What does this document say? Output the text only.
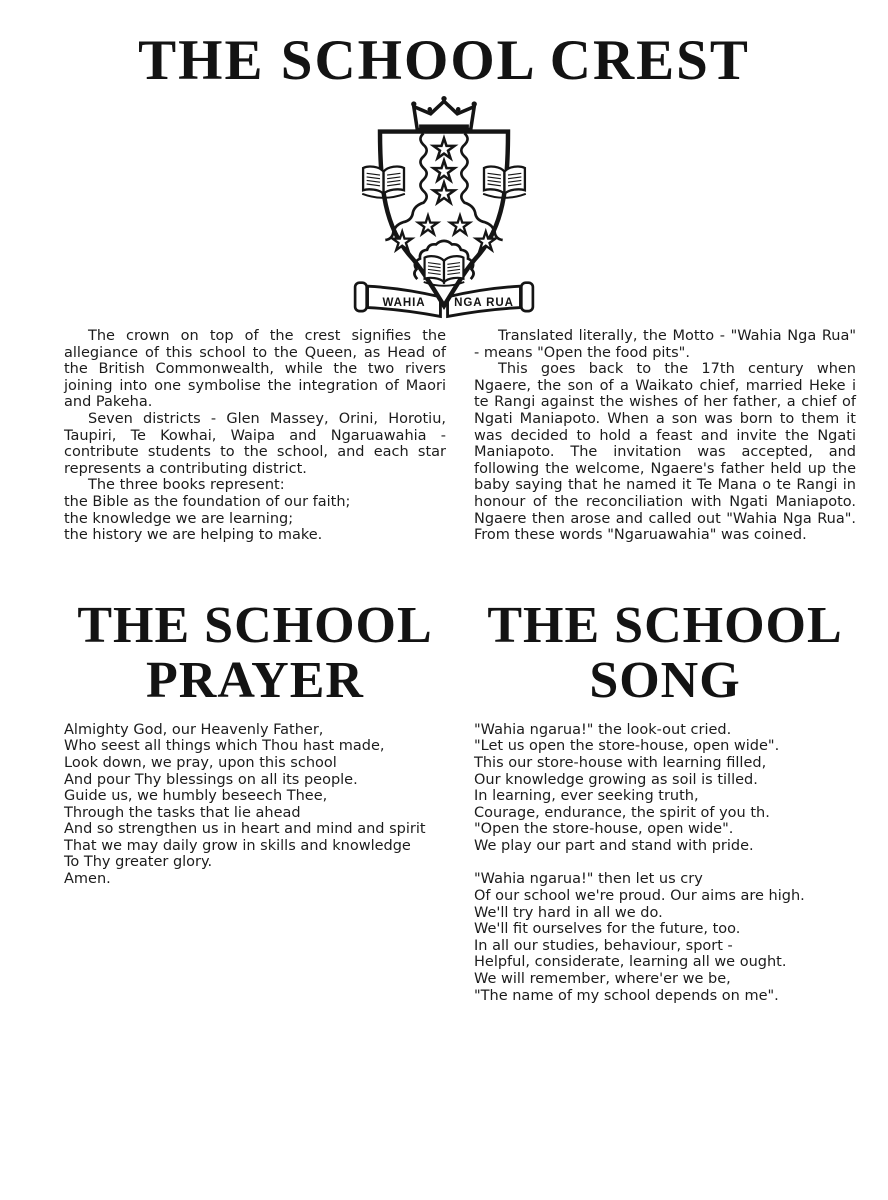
THE SCHOOL CREST
WAHIA NGA RUA

The crown on top of the crest signifies the allegiance of this school to the Queen, as Head of the British Commonwealth, while the two rivers joining into one symbolise the integration of Maori and Pakeha.

Seven districts - Glen Massey, Orini, Horotiu, Taupiri, Te Kowhai, Waipa and Ngaruawahia - contribute students to the school, and each star represents a contributing district.

The three books represent:

the Bible as the foundation of our faith;
the knowledge we are learning;
the history we are helping to make.

Translated literally, the Motto - "Wahia Nga Rua" - means "Open the food pits".

This goes back to the 17th century when Ngaere, the son of a Waikato chief, married Heke i te Rangi against the wishes of her father, a chief of Ngati Maniapoto. When a son was born to them it was decided to hold a feast and invite the Ngati Maniapoto. The invitation was accepted, and following the welcome, Ngaere's father held up the baby saying that he named it Te Mana o te Rangi in honour of the reconciliation with Ngati Maniapoto. Ngaere then arose and called out "Wahia Nga Rua". From these words "Ngaruawahia" was coined.

THE SCHOOL
PRAYER
THE SCHOOL
SONG
Almighty God, our Heavenly Father,
Who seest all things which Thou hast made,
Look down, we pray, upon this school
And pour Thy blessings on all its people.
Guide us, we humbly beseech Thee,
Through the tasks that lie ahead
And so strengthen us in heart and mind and spirit
That we may daily grow in skills and knowledge
To Thy greater glory.
Amen.
"Wahia ngarua!" the look-out cried.
"Let us open the store-house, open wide".
This our store-house with learning filled,
Our knowledge growing as soil is tilled.
In learning, ever seeking truth,
Courage, endurance, the spirit of you th.
"Open the store-house, open wide".
We play our part and stand with pride.
"Wahia ngarua!" then let us cry
Of our school we're proud. Our aims are high.
We'll try hard in all we do.
We'll fit ourselves for the future, too.
In all our studies, behaviour, sport -
Helpful, considerate, learning all we ought.
We will remember, where'er we be,
"The name of my school depends on me".
